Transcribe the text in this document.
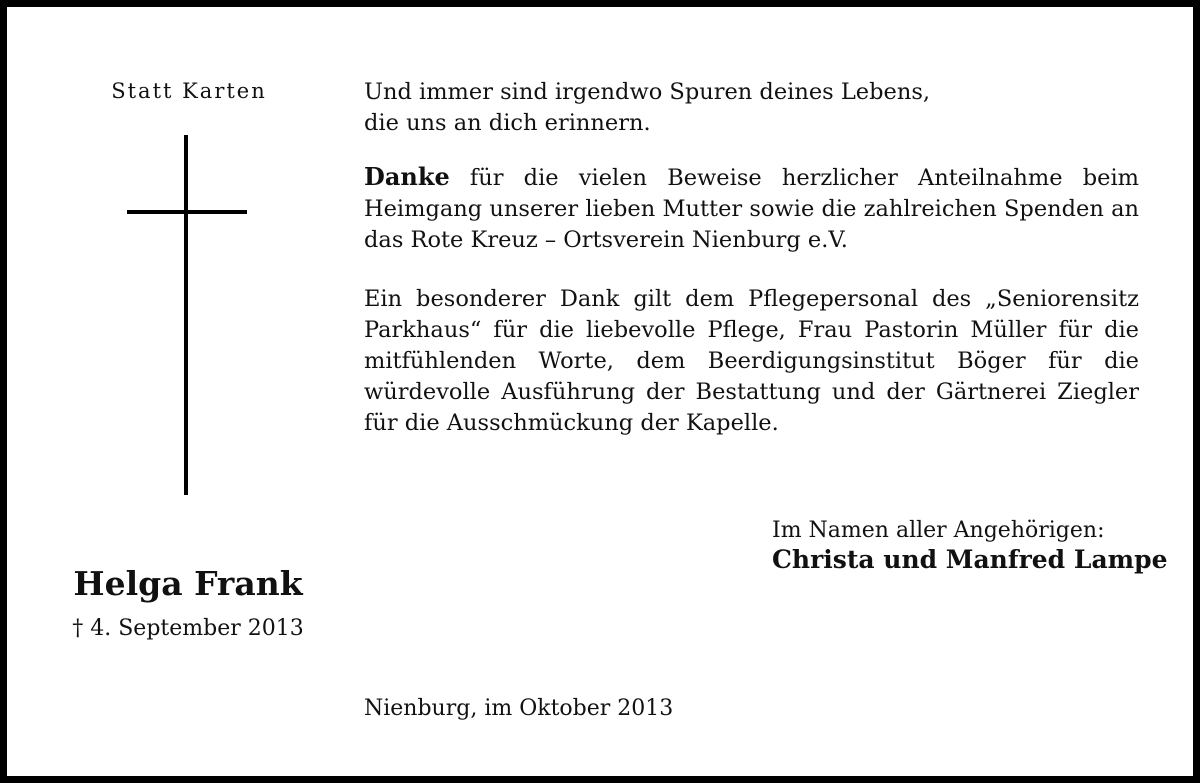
Statt Karten
Helga Frank
† 4. September 2013
Und immer sind irgendwo Spuren deines Lebens,
die uns an dich erinnern.
Danke für die vielen Beweise herzlicher Anteilnahme beim Heimgang unserer lieben Mutter sowie die zahlreichen Spenden an das Rote Kreuz – Ortsverein Nienburg e.V.
Ein besonderer Dank gilt dem Pflegepersonal des „Seniorensitz Parkhaus“ für die liebevolle Pflege, Frau Pastorin Müller für die mitfühlenden Worte, dem Beerdigungsinstitut Böger für die würdevolle Ausführung der Bestattung und der Gärtnerei Ziegler für die Ausschmückung der Kapelle.
Im Namen aller Angehörigen:
Christa und Manfred Lampe
Nienburg, im Oktober 2013
